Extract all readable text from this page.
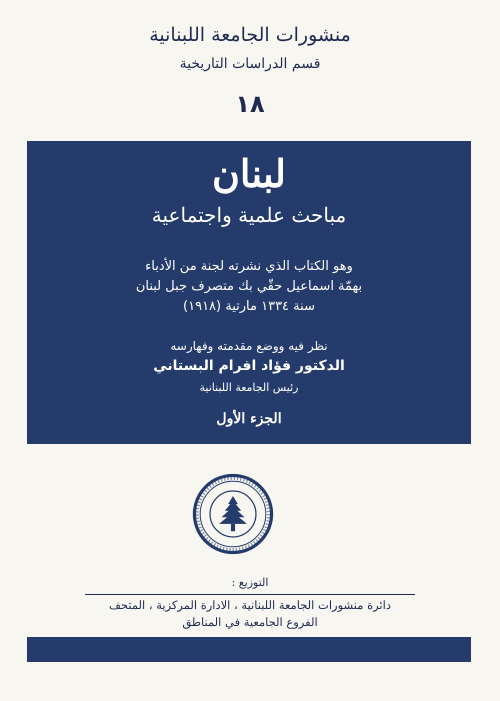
منشورات الجامعة اللبنانية
قسم الدراسات التاريخية
١٨
لبنان
مباحث علمية واجتماعية
وهو الكتاب الذي نشرته لجنة من الأدباء
بهمّة اسماعيل حقّي بك متصرف جبل لبنان
سنة ١٣٣٤ مارتية (١٩١٨)
نظر فيه ووضع مقدمته وفهارسه
الدكتور فؤاد افرام البستاني
رئيس الجامعة اللبنانية
الجزء الأول
التوزيع :
دائرة منشورات الجامعة اللبنانية ، الادارة المركزية ، المتحف
الفروع الجامعية في المناطق
